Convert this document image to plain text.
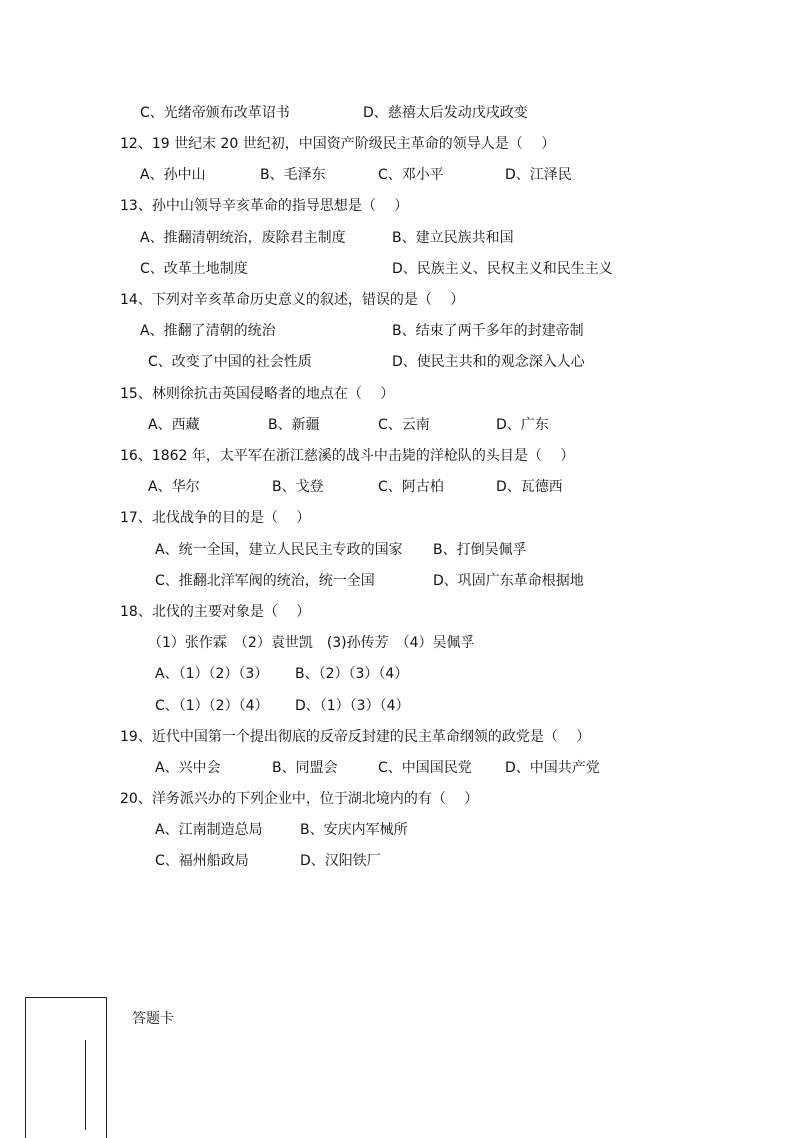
C、光绪帝颁布改革诏书	D、慈禧太后发动戊戌政变
12、19 世纪末 20 世纪初，中国资产阶级民主革命的领导人是（　 ）
A、孙中山	B、毛泽东	C、邓小平	D、江泽民
13、孙中山领导辛亥革命的指导思想是（　 ）
A、推翻清朝统治，废除君主制度	B、建立民族共和国
C、改革土地制度	D、民族主义、民权主义和民生主义
14、下列对辛亥革命历史意义的叙述，错误的是（　 ）
A、推翻了清朝的统治	B、结束了两千多年的封建帝制
C、改变了中国的社会性质	D、使民主共和的观念深入人心
15、林则徐抗击英国侵略者的地点在（　 ）
A、西藏	B、新疆	C、云南	D、广东
16、1862 年，太平军在浙江慈溪的战斗中击毙的洋枪队的头目是（　 ）
A、华尔	B、戈登	C、阿古柏	D、瓦德西
17、北伐战争的目的是（　 ）
A、统一全国，建立人民民主专政的国家 B、打倒吴佩孚
C、推翻北洋军阀的统治，统一全国	D、巩固广东革命根据地
18、北伐的主要对象是（　 ）
（1）张作霖　（2）袁世凯　(3)孙传芳　（4）吴佩孚
A、（1）（2）（3） B、（2）（3）（4）
C、（1）（2）（4） D、（1）（3）（4）
19、近代中国第一个提出彻底的反帝反封建的民主革命纲领的政党是（　 ）
A、兴中会	B、同盟会	C、中国国民党 D、中国共产党
20、洋务派兴办的下列企业中，位于湖北境内的有（　 ）
A、江南制造总局	B、安庆内军械所
C、福州船政局	D、汉阳铁厂
答题卡
